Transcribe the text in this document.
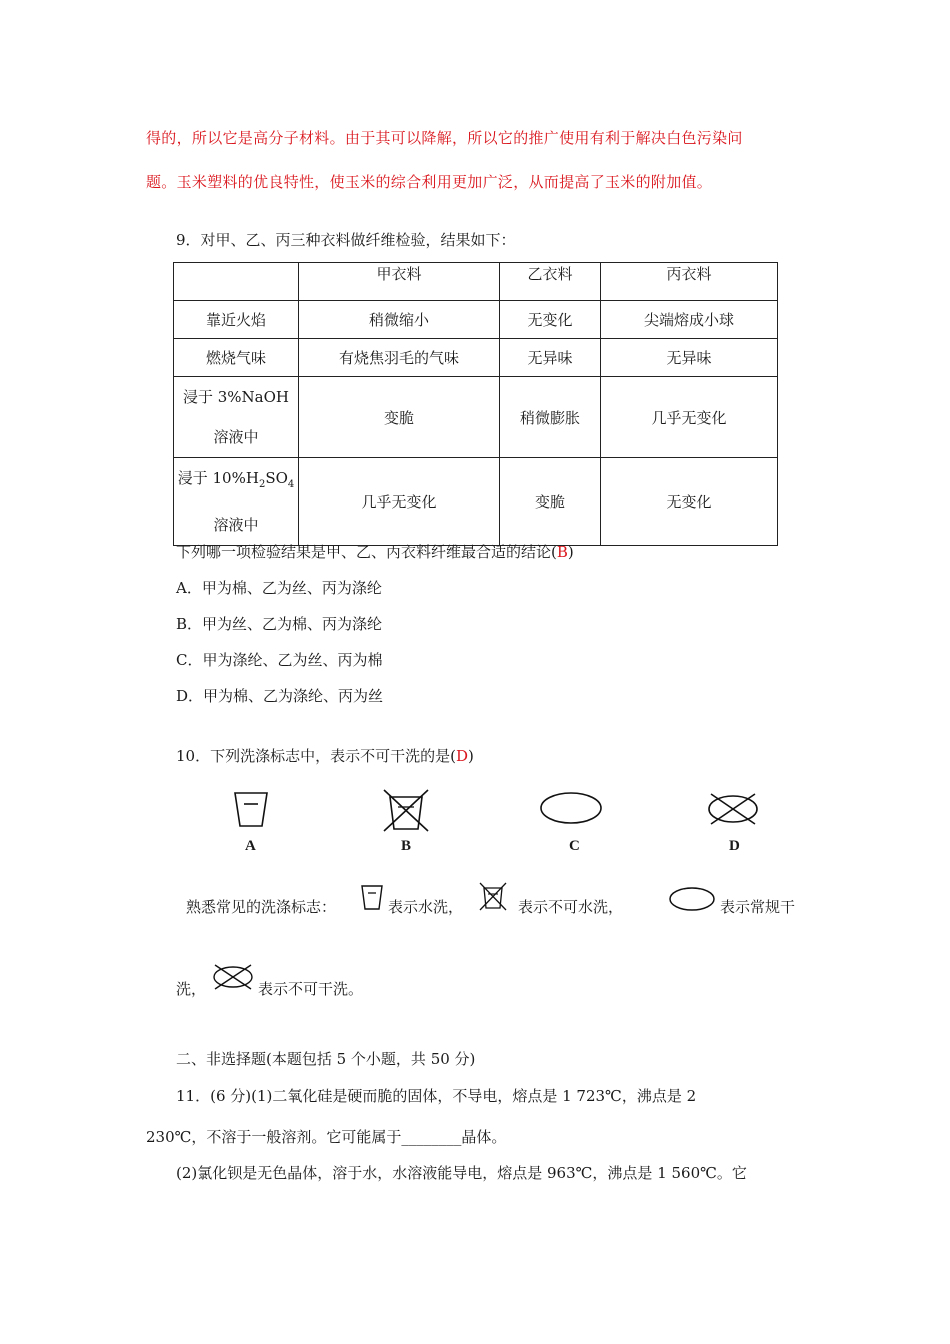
得的，所以它是高分子材料。由于其可以降解，所以它的推广使用有利于解决白色污染问
题。玉米塑料的优良特性，使玉米的综合利用更加广泛，从而提高了玉米的附加值。
9．对甲、乙、丙三种衣料做纤维检验，结果如下：
	甲衣料	乙衣料	丙衣料
靠近火焰	稍微缩小	无变化	尖端熔成小球
燃烧气味	有烧焦羽毛的气味	无异味	无异味

浸于 3%NaOH
溶液中	变脆	稍微膨胀	几乎无变化

浸于 $10\%H_2SO_4$
溶液中	几乎无变化	变脆	无变化
下列哪一项检验结果是甲、乙、丙衣料纤维最合适的结论(B)
A．甲为棉、乙为丝、丙为涤纶
B．甲为丝、乙为棉、丙为涤纶
C．甲为涤纶、乙为丝、丙为棉
D．甲为棉、乙为涤纶、丙为丝
10．下列洗涤标志中，表示不可干洗的是(D)
A	B	C	D
熟悉常见的洗涤标志：	表示水洗，	表示不可水洗，	表示常规干
洗，	表示不可干洗。
二、非选择题(本题包括 5 个小题，共 50 分)
11．(6 分)(1)二氧化硅是硬而脆的固体，不导电，熔点是 1 723℃，沸点是 2
230℃，不溶于一般溶剂。它可能属于________晶体。
(2)氯化钡是无色晶体，溶于水，水溶液能导电，熔点是 963℃，沸点是 1 560℃。它
